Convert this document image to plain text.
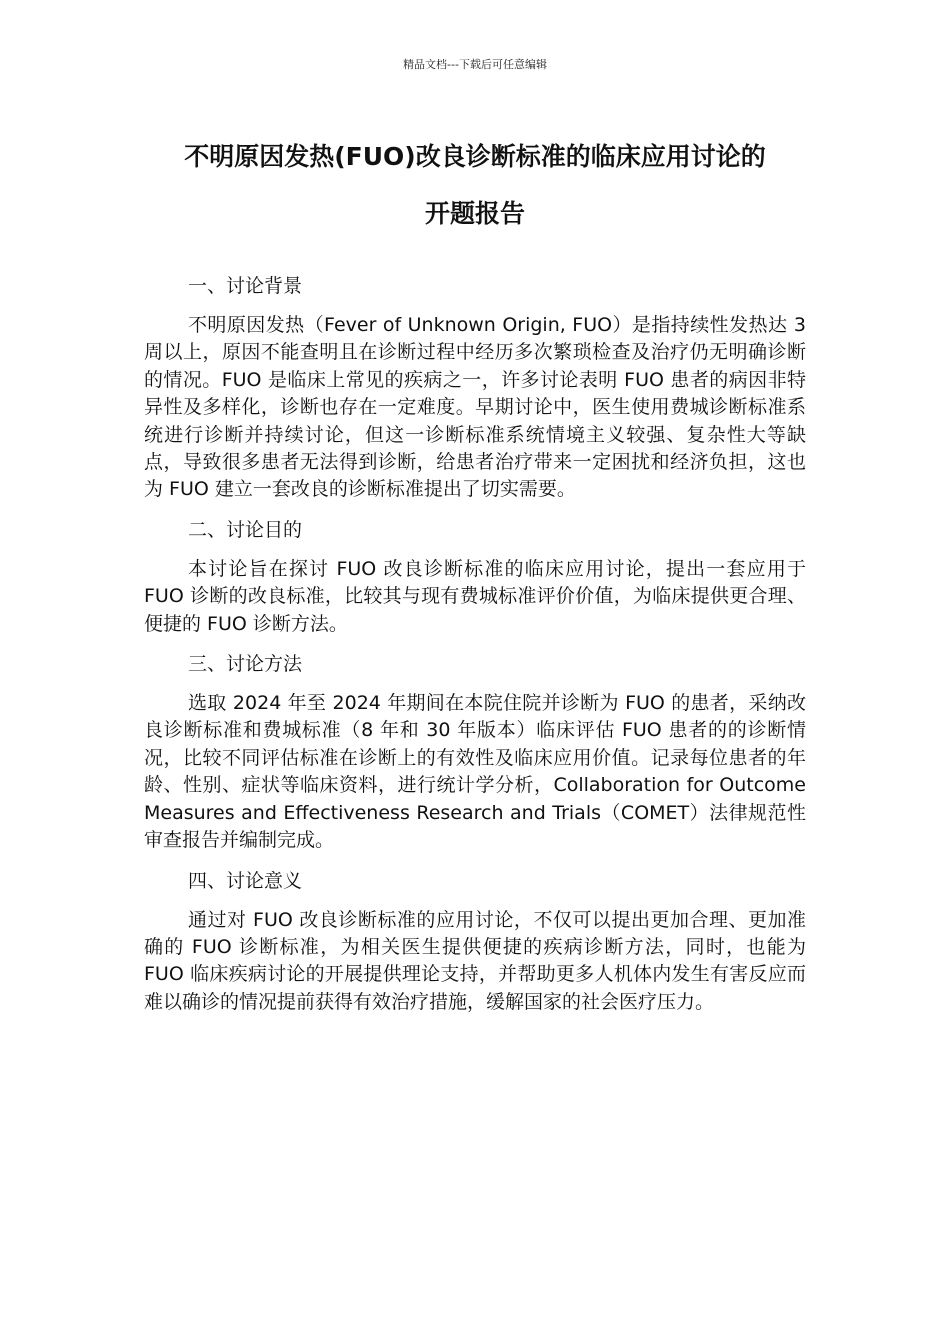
精品文档---下载后可任意编辑
不明原因发热(FUO)改良诊断标准的临床应用讨论的
开题报告
一、讨论背景

不明原因发热（Fever of Unknown Origin, FUO）是指持续性发热达 3 周以上，原因不能查明且在诊断过程中经历多次繁琐检查及治疗仍无明确诊断的情况。FUO 是临床上常见的疾病之一，许多讨论表明 FUO 患者的病因非特异性及多样化，诊断也存在一定难度。早期讨论中，医生使用费城诊断标准系统进行诊断并持续讨论，但这一诊断标准系统情境主义较强、复杂性大等缺点，导致很多患者无法得到诊断，给患者治疗带来一定困扰和经济负担，这也为 FUO 建立一套改良的诊断标准提出了切实需要。

二、讨论目的

本讨论旨在探讨 FUO 改良诊断标准的临床应用讨论，提出一套应用于 FUO 诊断的改良标准，比较其与现有费城标准评价价值，为临床提供更合理、便捷的 FUO 诊断方法。

三、讨论方法

选取 2024 年至 2024 年期间在本院住院并诊断为 FUO 的患者，采纳改良诊断标准和费城标准（8 年和 30 年版本）临床评估 FUO 患者的的诊断情况，比较不同评估标准在诊断上的有效性及临床应用价值。记录每位患者的年龄、性别、症状等临床资料，进行统计学分析，Collaboration for Outcome Measures and Effectiveness Research and Trials（COMET）法律规范性审查报告并编制完成。

四、讨论意义

通过对 FUO 改良诊断标准的应用讨论，不仅可以提出更加合理、更加准确的 FUO 诊断标准，为相关医生提供便捷的疾病诊断方法，同时，也能为 FUO 临床疾病讨论的开展提供理论支持，并帮助更多人机体内发生有害反应而难以确诊的情况提前获得有效治疗措施，缓解国家的社会医疗压力。
